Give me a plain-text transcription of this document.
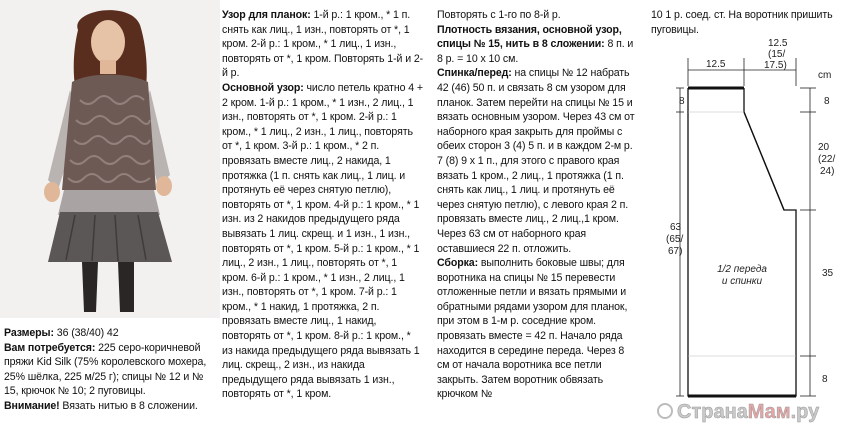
Размеры: 36 (38/40) 42

Вам потребуется: 225 серо-коричневой пряжи Kid Silk (75% королевского мохера, 25% шёлка, 225 м/25 г); спицы № 12 и № 15, крючок № 10; 2 пуговицы.

Внимание! Вязать нитью в 8 сложении.

Узор для планок: 1-й р.: 1 кром., * 1 п. снять как лиц., 1 изн., повторять от *, 1 кром. 2-й р.: 1 кром., * 1 лиц., 1 изн., повторять от *, 1 кром. Повторять 1-й и 2-й р.

Основной узор: число петель кратно 4 + 2 кром. 1-й р.: 1 кром., * 1 изн., 2 лиц., 1 изн., повторять от *, 1 кром. 2-й р.: 1 кром., * 1 лиц., 2 изн., 1 лиц., повторять от *, 1 кром. 3-й р.: 1 кром., * 2 п. провязать вместе лиц., 2 накида, 1 протяжка (1 п. снять как лиц., 1 лиц. и протянуть её через снятую петлю), повторять от *, 1 кром. 4-й р.: 1 кром., * 1 изн. из 2 накидов предыдущего ряда вывязать 1 лиц. скрещ. и 1 изн., 1 изн., повторять от *, 1 кром. 5-й р.: 1 кром., * 1 лиц., 2 изн., 1 лиц., повторять от *, 1 кром. 6-й р.: 1 кром., * 1 изн., 2 лиц., 1 изн., повторять от *, 1 кром. 7-й р.: 1 кром., * 1 накид, 1 протяжка, 2 п. провязать вместе лиц., 1 накид, повторять от *, 1 кром. 8-й р.: 1 кром., * из накида предыдущего ряда вывязать 1 лиц. скрещ., 2 изн., из накида предыдущего ряда вывязать 1 изн., повторять от *, 1 кром.

Повторять с 1-го по 8-й р.

Плотность вязания, основной узор, спицы № 15, нить в 8 сложении: 8 п. и 8 р. = 10 х 10 см.

Спинка/перед: на спицы № 12 набрать 42 (46) 50 п. и связать 8 см узором для планок. Затем перейти на спицы № 15 и вязать основным узором. Через 43 см от наборного края закрыть для проймы с обеих сторон 3 (4) 5 п. и в каждом 2-м р. 7 (8) 9 х 1 п., для этого с правого края вязать 1 кром., 2 лиц., 1 протяжка (1 п. снять как лиц., 1 лиц. и протянуть её через снятую петлю), с левого края 2 п. провязать вместе лиц., 2 лиц.,1 кром. Через 63 см от наборного края оставшиеся 22 п. отложить.

Сборка: выполнить боковые швы; для воротника на спицы № 15 перевести отложенные петли и вязать прямыми и обратными рядами узором для планок, при этом в 1-м р. соседние кром. провязать вместе = 42 п. Начало ряда находится в середине переда. Через 8 см от начала воротника все петли закрыть. Затем воротник обвязать крючком №

10 1 р. соед. ст. На воротник пришить пуговицы.

12.5
12.5
(15/
17.5)
cm
8	8
20
(22/
24)
63
(65/
67)
35
8
1/2 переда
и спинки
СтранаМам.ру
